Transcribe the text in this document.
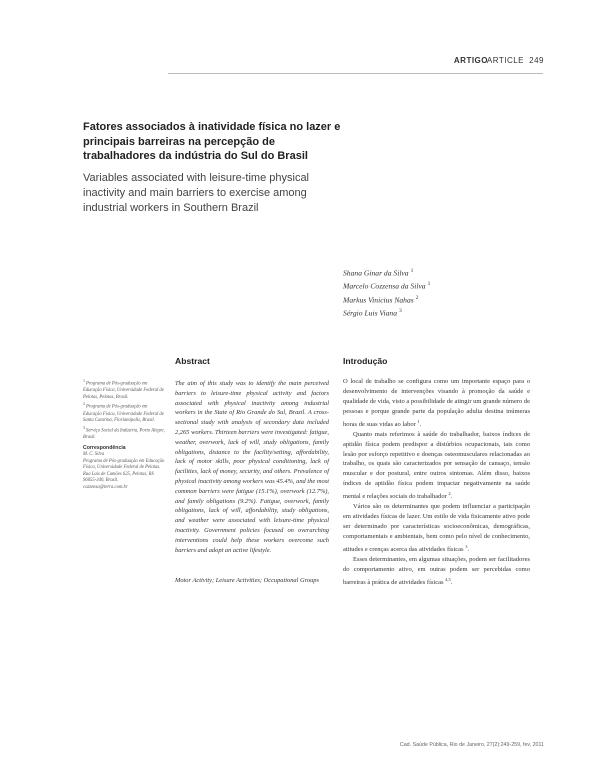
ARTIGO
ARTICLE 249
Fatores associados à inatividade física no lazer e principais barreiras na percepção de trabalhadores da indústria do Sul do Brasil
Variables associated with leisure-time physical inactivity and main barriers to exercise among industrial workers in Southern Brazil
Shana Ginar da Silva $^1$
Marcelo Cozzensa da Silva $^1$
Markus Vinicius Nahas $^2$
Sérgio Luis Viana $^3$
Abstract	Introdução
$^1$Programa de Pós-graduação em Educação Física, Universidade Federal de Pelotas, Pelotas, Brasil.
$^2$Programa de Pós-graduação em Educação Física, Universidade Federal de Santa Catarina, Florianópolis, Brasil.
$^3$Serviço Social da Indústria, Porto Alegre, Brasil.
Correspondência
M. C. Silva
Programa de Pós-graduação em Educação Física, Universidade Federal de Pelotas.
Rua Luís de Camões 625, Pelotas, RS 96055-340, Brasil.
cozzensa@terra.com.br
The aim of this study was to identify the main perceived barriers to leisure-time physical activity and factors associated with physical inactivity among industrial workers in the State of Rio Grande do Sul, Brazil. A cross-sectional study with analysis of secondary data included 2,265 workers. Thirteen barriers were investigated: fatigue, weather, overwork, lack of will, study obligations, family obligations, distance to the facility/setting, affordability, lack of motor skills, poor physical conditioning, lack of facilities, lack of money, security, and others. Prevalence of physical inactivity among workers was 45.4%, and the most common barriers were fatigue (15.1%), overwork (12.7%), and family obligations (9.2%). Fatigue, overwork, family obligations, lack of will, affordability, study obligations, and weather were associated with leisure-time physical inactivity. Government policies focused on overarching interventions could help these workers overcome such barriers and adopt an active lifestyle.
Motor Activity; Leisure Activities; Occupational Groups

O local de trabalho se configura como um importante espaço para o desenvolvimento de intervenções visando à promoção da saúde e qualidade de vida, visto a possibilidade de atingir um grande número de pessoas e porque grande parte da população adulta destina inúmeras horas de suas vidas ao labor $^1$.

Quanto mais referimos à saúde do trabalhador, baixos índices de aptidão física podem predispor a distúrbios ocupacionais, tais como lesão por esforço repetitivo e doenças osteomusculares relacionadas ao trabalho, os quais são caracterizados por sensação de cansaço, tensão muscular e dor postural, entre outros sintomas. Além disso, baixos índices de aptidão física podem impactar negativamente na saúde mental e relações sociais do trabalhador $^2$.

Vários são os determinantes que podem influenciar a participação em atividades físicas de lazer. Um estilo de vida fisicamente ativo pode ser determinado por características socioeconômicas, demográficas, comportamentais e ambientais, bem como pelo nível de conhecimento, atitudes e crenças acerca das atividades físicas $^3$.

Esses determinantes, em algumas situações, podem ser facilitadores do comportamento ativo, em outras podem ser percebidas como barreiras à prática de atividades físicas $^{4,5}$.

Cad. Saúde Pública, Rio de Janeiro, 27(2):249-259, fev, 2011
